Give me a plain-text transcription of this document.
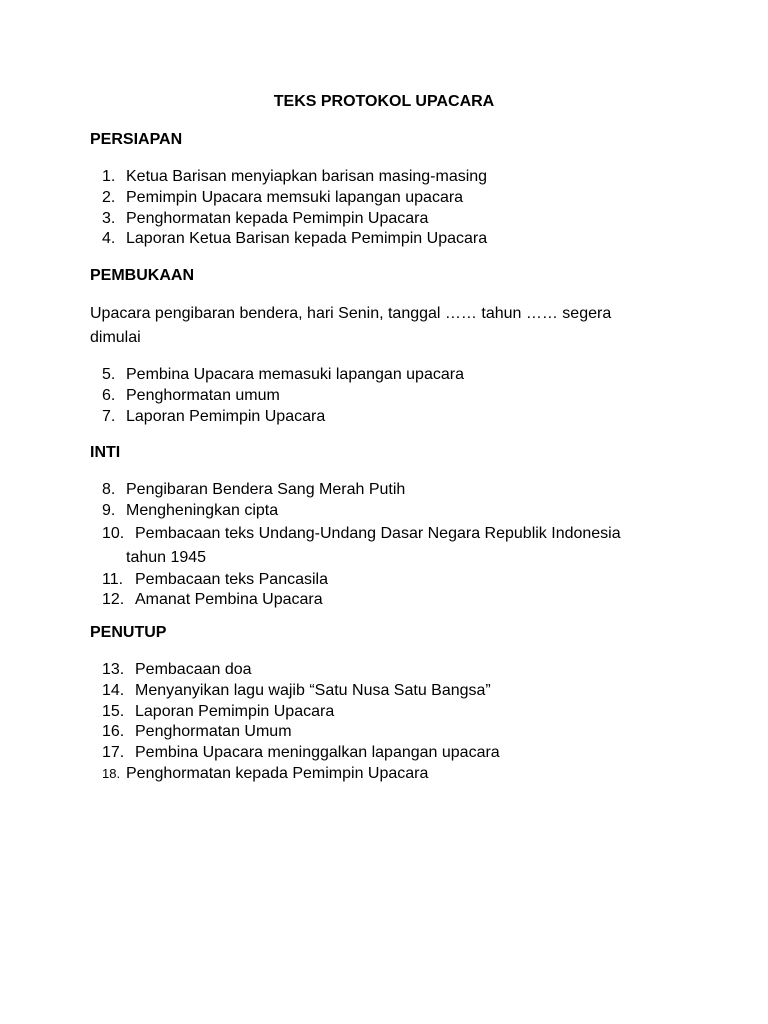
TEKS PROTOKOL UPACARA
PERSIAPAN
1. Ketua Barisan menyiapkan barisan masing-masing
2. Pemimpin Upacara memsuki lapangan upacara
3. Penghormatan kepada Pemimpin Upacara
4. Laporan Ketua Barisan kepada Pemimpin Upacara
PEMBUKAAN
Upacara pengibaran bendera, hari Senin, tanggal …… tahun …… segera
dimulai
5. Pembina Upacara memasuki lapangan upacara
6. Penghormatan umum
7. Laporan Pemimpin Upacara
INTI
8. Pengibaran Bendera Sang Merah Putih
9. Mengheningkan cipta
10. Pembacaan teks Undang-Undang Dasar Negara Republik Indonesia
tahun 1945
11. Pembacaan teks Pancasila
12. Amanat Pembina Upacara
PENUTUP
13. Pembacaan doa
14. Menyanyikan lagu wajib “Satu Nusa Satu Bangsa”
15. Laporan Pemimpin Upacara
16. Penghormatan Umum
17. Pembina Upacara meninggalkan lapangan upacara
18. Penghormatan kepada Pemimpin Upacara
